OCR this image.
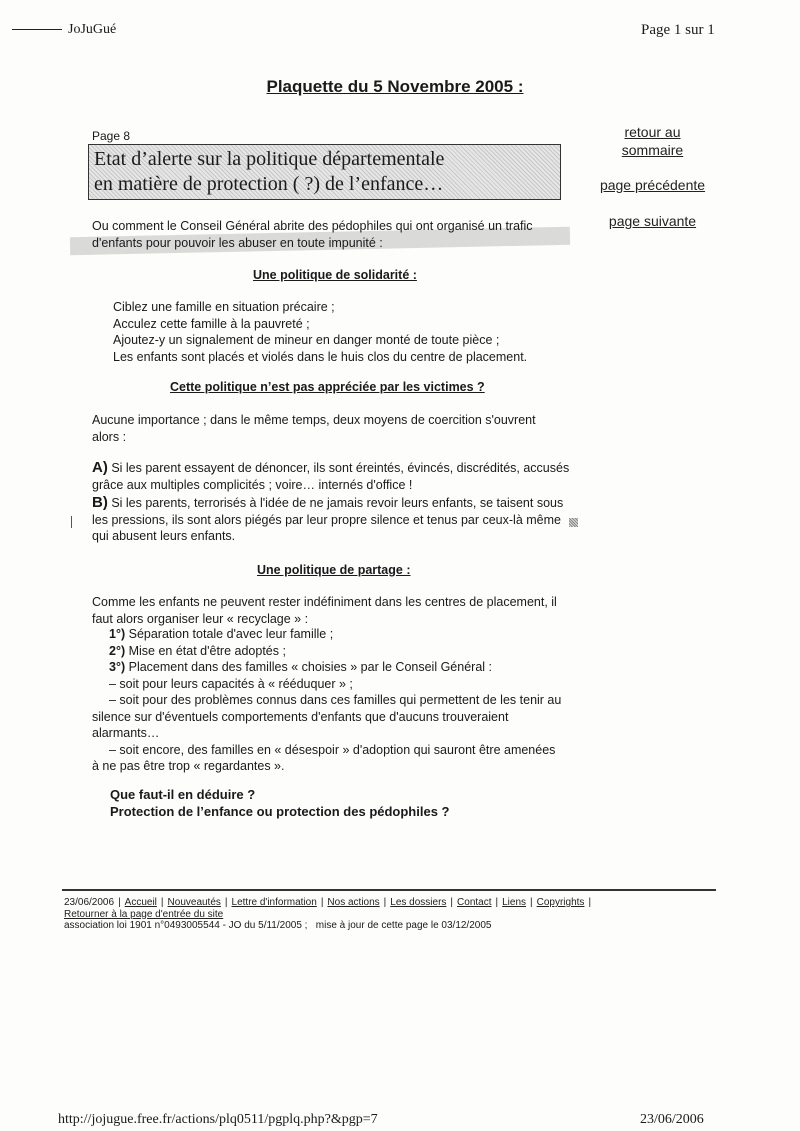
JoJuGué	Page 1 sur 1
Plaquette du 5 Novembre 2005 :
Page 8
Etat d’alerte sur la politique départementale
en matière de protection ( ?) de l’enfance…
retour au
sommaire
page précédente
page suivante
Ou comment le Conseil Général abrite des pédophiles qui ont organisé un trafic d'enfants pour pouvoir les abuser en toute impunité :
Une politique de solidarité :
Ciblez une famille en situation précaire ;
Acculez cette famille à la pauvreté ;
Ajoutez-y un signalement de mineur en danger monté de toute pièce ;
Les enfants sont placés et violés dans le huis clos du centre de placement.
Cette politique n’est pas appréciée par les victimes ?
Aucune importance ; dans le même temps, deux moyens de coercition s'ouvrent alors :
A) Si les parent essayent de dénoncer, ils sont éreintés, évincés, discrédités, accusés grâce aux multiples complicités ; voire… internés d'office !
B) Si les parents, terrorisés à l'idée de ne jamais revoir leurs enfants, se taisent sous les pressions, ils sont alors piégés par leur propre silence et tenus par ceux-là même qui abusent leurs enfants.
Une politique de partage :
Comme les enfants ne peuvent rester indéfiniment dans les centres de placement, il faut alors organiser leur « recyclage » :
1°) Séparation totale d'avec leur famille ;
2°) Mise en état d'être adoptés ;
3°) Placement dans des familles « choisies » par le Conseil Général :
– soit pour leurs capacités à « rééduquer » ;
– soit pour des problèmes connus dans ces familles qui permettent de les tenir au silence sur d'éventuels comportements d'enfants que d'aucuns trouveraient alarmants…
– soit encore, des familles en « désespoir » d'adoption qui sauront être amenées à ne pas être trop « regardantes ».
Que faut-il en déduire ?
Protection de l’enfance ou protection des pédophiles ?
23/06/2006 | Accueil | Nouveautés | Lettre d'information | Nos actions | Les dossiers | Contact | Liens | Copyrights |
Retourner à la page d'entrée du site
association loi 1901 n°0493005544 - JO du 5/11/2005 ; mise à jour de cette page le 03/12/2005
http://jojugue.free.fr/actions/plq0511/pgplq.php?&pgp=7	23/06/2006
